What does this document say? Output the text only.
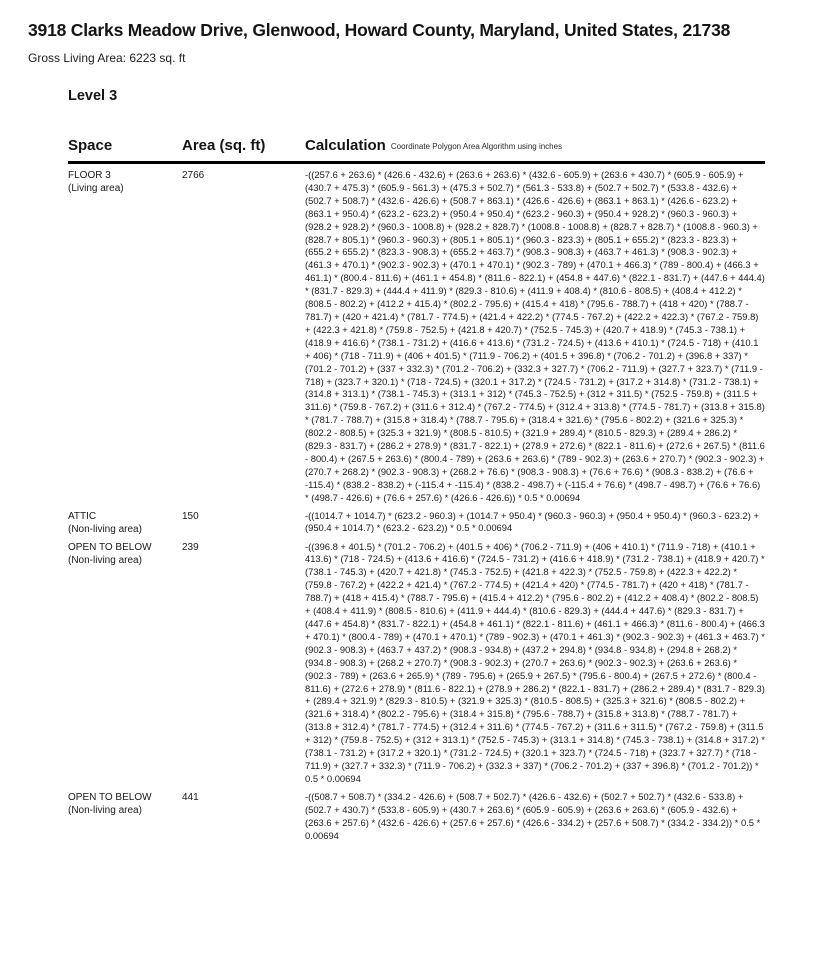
3918 Clarks Meadow Drive, Glenwood, Howard County, Maryland, United States, 21738
Gross Living Area: 6223 sq. ft
Level 3
Space	Area (sq. ft)	Calculation Coordinate Polygon Area Algorithm using inches
FLOOR 3
(Living area)
2766	-((257.6 + 263.6) * (426.6 - 432.6) + (263.6 + 263.6) * (432.6 - 605.9) + (263.6 + 430.7) * (605.9 - 605.9) + (430.7 + 475.3) * (605.9 - 561.3) + (475.3 + 502.7) * (561.3 - 533.8) + (502.7 + 502.7) * (533.8 - 432.6) + (502.7 + 508.7) * (432.6 - 426.6) + (508.7 + 863.1) * (426.6 - 426.6) + (863.1 + 863.1) * (426.6 - 623.2) + (863.1 + 950.4) * (623.2 - 623.2) + (950.4 + 950.4) * (623.2 - 960.3) + (950.4 + 928.2) * (960.3 - 960.3) + (928.2 + 928.2) * (960.3 - 1008.8) + (928.2 + 828.7) * (1008.8 - 1008.8) + (828.7 + 828.7) * (1008.8 - 960.3) + (828.7 + 805.1) * (960.3 - 960.3) + (805.1 + 805.1) * (960.3 - 823.3) + (805.1 + 655.2) * (823.3 - 823.3) + (655.2 + 655.2) * (823.3 - 908.3) + (655.2 + 463.7) * (908.3 - 908.3) + (463.7 + 461.3) * (908.3 - 902.3) + (461.3 + 470.1) * (902.3 - 902.3) + (470.1 + 470.1) * (902.3 - 789) + (470.1 + 466.3) * (789 - 800.4) + (466.3 + 461.1) * (800.4 - 811.6) + (461.1 + 454.8) * (811.6 - 822.1) + (454.8 + 447.6) * (822.1 - 831.7) + (447.6 + 444.4) * (831.7 - 829.3) + (444.4 + 411.9) * (829.3 - 810.6) + (411.9 + 408.4) * (810.6 - 808.5) + (408.4 + 412.2) * (808.5 - 802.2) + (412.2 + 415.4) * (802.2 - 795.6) + (415.4 + 418) * (795.6 - 788.7) + (418 + 420) * (788.7 - 781.7) + (420 + 421.4) * (781.7 - 774.5) + (421.4 + 422.2) * (774.5 - 767.2) + (422.2 + 422.3) * (767.2 - 759.8) + (422.3 + 421.8) * (759.8 - 752.5) + (421.8 + 420.7) * (752.5 - 745.3) + (420.7 + 418.9) * (745.3 - 738.1) + (418.9 + 416.6) * (738.1 - 731.2) + (416.6 + 413.6) * (731.2 - 724.5) + (413.6 + 410.1) * (724.5 - 718) + (410.1 + 406) * (718 - 711.9) + (406 + 401.5) * (711.9 - 706.2) + (401.5 + 396.8) * (706.2 - 701.2) + (396.8 + 337) * (701.2 - 701.2) + (337 + 332.3) * (701.2 - 706.2) + (332.3 + 327.7) * (706.2 - 711.9) + (327.7 + 323.7) * (711.9 - 718) + (323.7 + 320.1) * (718 - 724.5) + (320.1 + 317.2) * (724.5 - 731.2) + (317.2 + 314.8) * (731.2 - 738.1) + (314.8 + 313.1) * (738.1 - 745.3) + (313.1 + 312) * (745.3 - 752.5) + (312 + 311.5) * (752.5 - 759.8) + (311.5 + 311.6) * (759.8 - 767.2) + (311.6 + 312.4) * (767.2 - 774.5) + (312.4 + 313.8) * (774.5 - 781.7) + (313.8 + 315.8) * (781.7 - 788.7) + (315.8 + 318.4) * (788.7 - 795.6) + (318.4 + 321.6) * (795.6 - 802.2) + (321.6 + 325.3) * (802.2 - 808.5) + (325.3 + 321.9) * (808.5 - 810.5) + (321.9 + 289.4) * (810.5 - 829.3) + (289.4 + 286.2) * (829.3 - 831.7) + (286.2 + 278.9) * (831.7 - 822.1) + (278.9 + 272.6) * (822.1 - 811.6) + (272.6 + 267.5) * (811.6 - 800.4) + (267.5 + 263.6) * (800.4 - 789) + (263.6 + 263.6) * (789 - 902.3) + (263.6 + 270.7) * (902.3 - 902.3) + (270.7 + 268.2) * (902.3 - 908.3) + (268.2 + 76.6) * (908.3 - 908.3) + (76.6 + 76.6) * (908.3 - 838.2) + (76.6 + -115.4) * (838.2 - 838.2) + (-115.4 + -115.4) * (838.2 - 498.7) + (-115.4 + 76.6) * (498.7 - 498.7) + (76.6 + 76.6) * (498.7 - 426.6) + (76.6 + 257.6) * (426.6 - 426.6)) * 0.5 * 0.00694
ATTIC
(Non-living area)
150	-((1014.7 + 1014.7) * (623.2 - 960.3) + (1014.7 + 950.4) * (960.3 - 960.3) + (950.4 + 950.4) * (960.3 - 623.2) + (950.4 + 1014.7) * (623.2 - 623.2)) * 0.5 * 0.00694
OPEN TO BELOW
(Non-living area)
239	-((396.8 + 401.5) * (701.2 - 706.2) + (401.5 + 406) * (706.2 - 711.9) + (406 + 410.1) * (711.9 - 718) + (410.1 + 413.6) * (718 - 724.5) + (413.6 + 416.6) * (724.5 - 731.2) + (416.6 + 418.9) * (731.2 - 738.1) + (418.9 + 420.7) * (738.1 - 745.3) + (420.7 + 421.8) * (745.3 - 752.5) + (421.8 + 422.3) * (752.5 - 759.8) + (422.3 + 422.2) * (759.8 - 767.2) + (422.2 + 421.4) * (767.2 - 774.5) + (421.4 + 420) * (774.5 - 781.7) + (420 + 418) * (781.7 - 788.7) + (418 + 415.4) * (788.7 - 795.6) + (415.4 + 412.2) * (795.6 - 802.2) + (412.2 + 408.4) * (802.2 - 808.5) + (408.4 + 411.9) * (808.5 - 810.6) + (411.9 + 444.4) * (810.6 - 829.3) + (444.4 + 447.6) * (829.3 - 831.7) + (447.6 + 454.8) * (831.7 - 822.1) + (454.8 + 461.1) * (822.1 - 811.6) + (461.1 + 466.3) * (811.6 - 800.4) + (466.3 + 470.1) * (800.4 - 789) + (470.1 + 470.1) * (789 - 902.3) + (470.1 + 461.3) * (902.3 - 902.3) + (461.3 + 463.7) * (902.3 - 908.3) + (463.7 + 437.2) * (908.3 - 934.8) + (437.2 + 294.8) * (934.8 - 934.8) + (294.8 + 268.2) * (934.8 - 908.3) + (268.2 + 270.7) * (908.3 - 902.3) + (270.7 + 263.6) * (902.3 - 902.3) + (263.6 + 263.6) * (902.3 - 789) + (263.6 + 265.9) * (789 - 795.6) + (265.9 + 267.5) * (795.6 - 800.4) + (267.5 + 272.6) * (800.4 - 811.6) + (272.6 + 278.9) * (811.6 - 822.1) + (278.9 + 286.2) * (822.1 - 831.7) + (286.2 + 289.4) * (831.7 - 829.3) + (289.4 + 321.9) * (829.3 - 810.5) + (321.9 + 325.3) * (810.5 - 808.5) + (325.3 + 321.6) * (808.5 - 802.2) + (321.6 + 318.4) * (802.2 - 795.6) + (318.4 + 315.8) * (795.6 - 788.7) + (315.8 + 313.8) * (788.7 - 781.7) + (313.8 + 312.4) * (781.7 - 774.5) + (312.4 + 311.6) * (774.5 - 767.2) + (311.6 + 311.5) * (767.2 - 759.8) + (311.5 + 312) * (759.8 - 752.5) + (312 + 313.1) * (752.5 - 745.3) + (313.1 + 314.8) * (745.3 - 738.1) + (314.8 + 317.2) * (738.1 - 731.2) + (317.2 + 320.1) * (731.2 - 724.5) + (320.1 + 323.7) * (724.5 - 718) + (323.7 + 327.7) * (718 - 711.9) + (327.7 + 332.3) * (711.9 - 706.2) + (332.3 + 337) * (706.2 - 701.2) + (337 + 396.8) * (701.2 - 701.2)) * 0.5 * 0.00694
OPEN TO BELOW
(Non-living area)
441	-((508.7 + 508.7) * (334.2 - 426.6) + (508.7 + 502.7) * (426.6 - 432.6) + (502.7 + 502.7) * (432.6 - 533.8) + (502.7 + 430.7) * (533.8 - 605.9) + (430.7 + 263.6) * (605.9 - 605.9) + (263.6 + 263.6) * (605.9 - 432.6) + (263.6 + 257.6) * (432.6 - 426.6) + (257.6 + 257.6) * (426.6 - 334.2) + (257.6 + 508.7) * (334.2 - 334.2)) * 0.5 * 0.00694
